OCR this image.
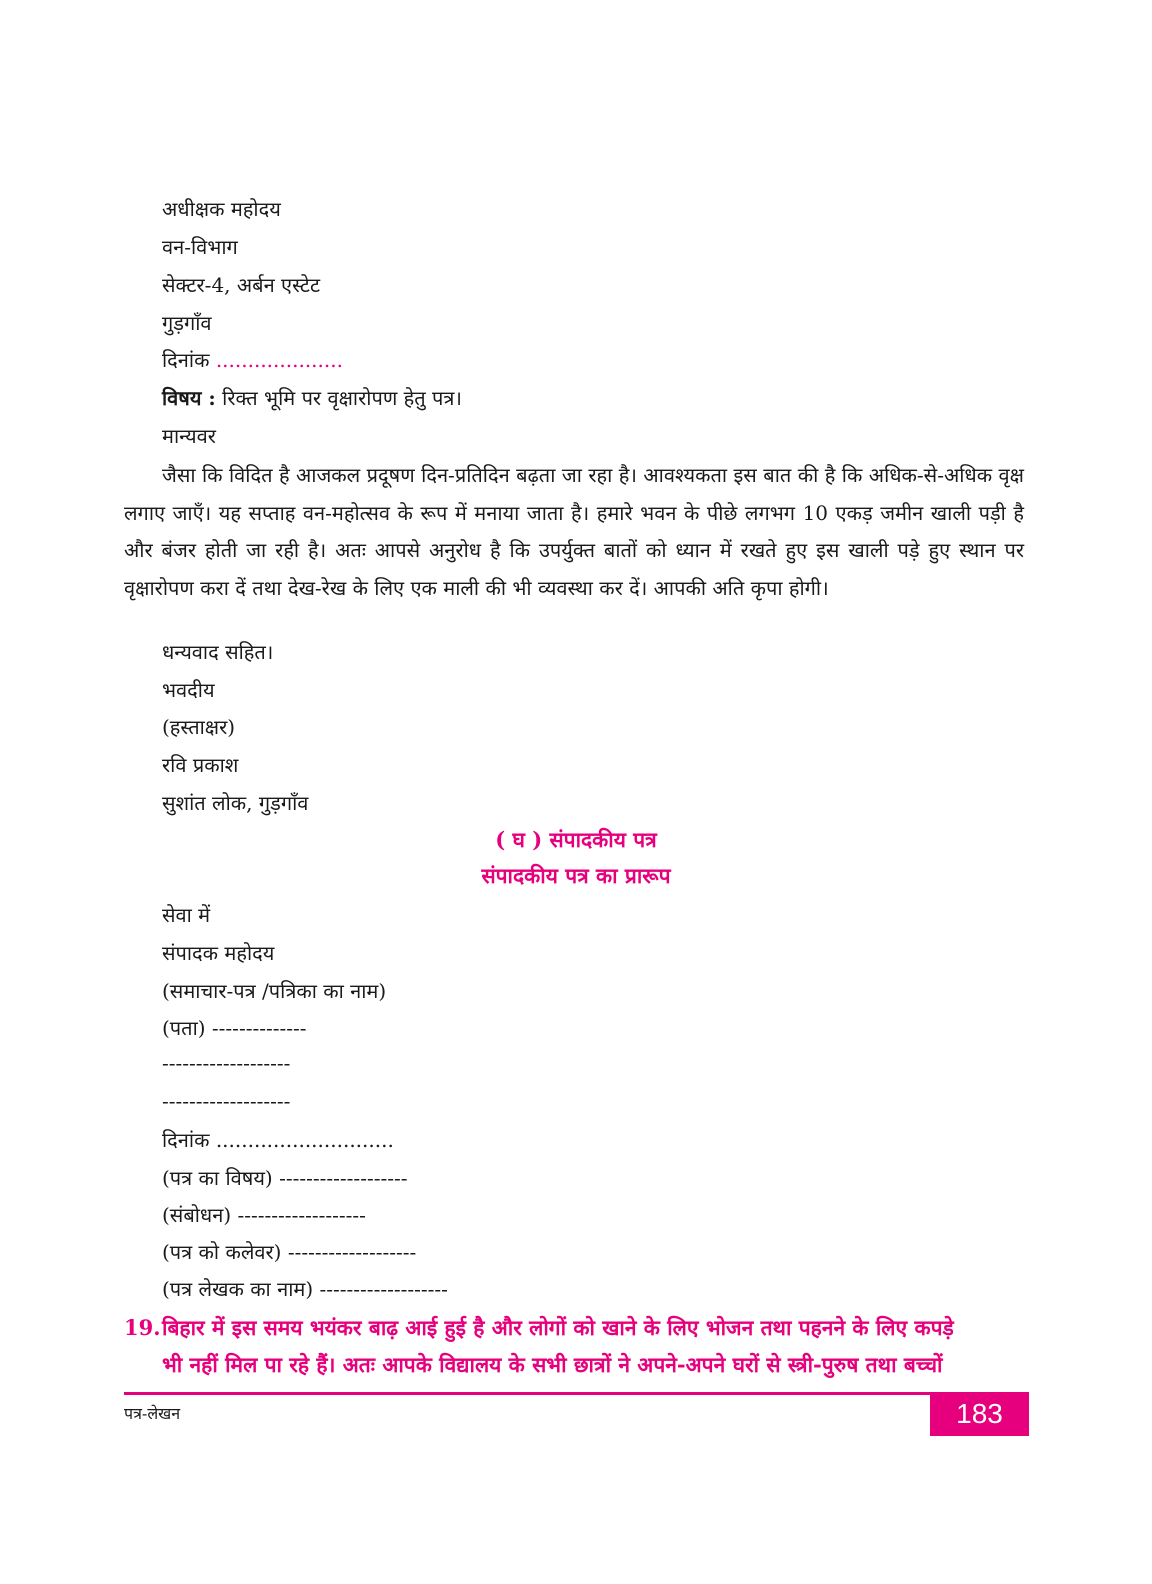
अधीक्षक महोदय
वन-विभाग
सेक्टर-4, अर्बन एस्टेट
गुड़गाँव
दिनांक ....................
विषय : रिक्त भूमि पर वृक्षारोपण हेतु पत्र।
मान्यवर
जैसा कि विदित है आजकल प्रदूषण दिन-प्रतिदिन बढ़ता जा रहा है। आवश्यकता इस बात की है कि अधिक-से-अधिक वृक्ष लगाए जाएँ। यह सप्ताह वन-महोत्सव के रूप में मनाया जाता है। हमारे भवन के पीछे लगभग 10 एकड़ जमीन खाली पड़ी है और बंजर होती जा रही है। अतः आपसे अनुरोध है कि उपर्युक्त बातों को ध्यान में रखते हुए इस खाली पड़े हुए स्थान पर वृक्षारोपण करा दें तथा देख-रेख के लिए एक माली की भी व्यवस्था कर दें। आपकी अति कृपा होगी।
धन्यवाद सहित।
भवदीय
(हस्ताक्षर)
रवि प्रकाश
सुशांत लोक, गुड़गाँव
( घ ) संपादकीय पत्र
संपादकीय पत्र का प्रारूप
सेवा में
संपादक महोदय
(समाचार-पत्र /पत्रिका का नाम)
(पता) --------------
-------------------
-------------------
दिनांक ............................
(पत्र का विषय) -------------------
(संबोधन) -------------------
(पत्र को कलेवर) -------------------
(पत्र लेखक का नाम) -------------------
19.बिहार में इस समय भयंकर बाढ़ आई हुई है और लोगों को खाने के लिए भोजन तथा पहनने के लिए कपड़े
भी नहीं मिल पा रहे हैं। अतः आपके विद्यालय के सभी छात्रों ने अपने-अपने घरों से स्त्री-पुरुष तथा बच्चों
पत्र-लेखन	183
